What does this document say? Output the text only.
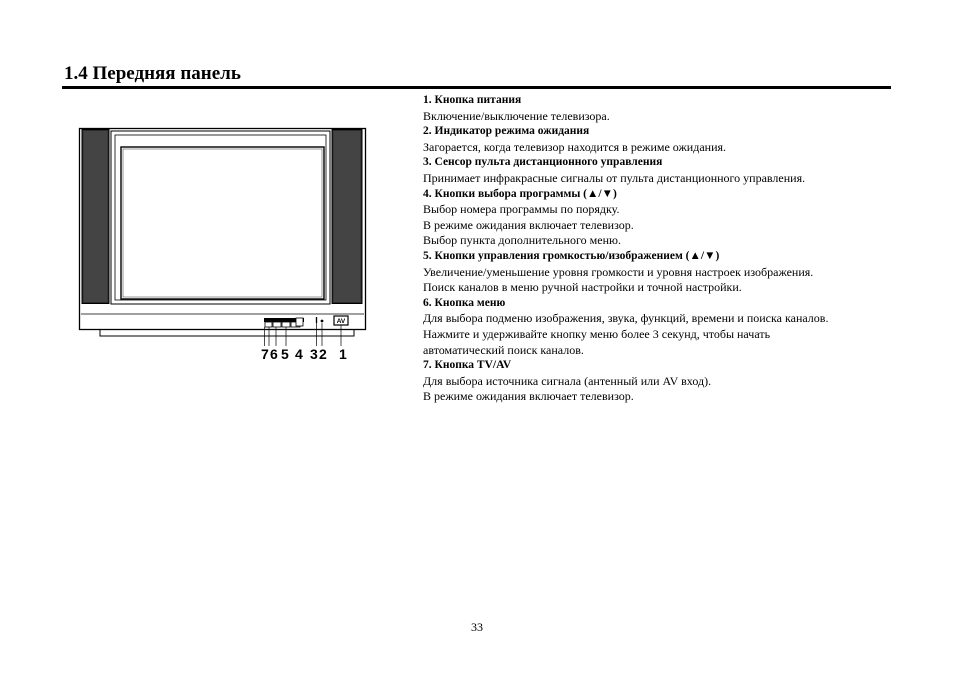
1.4 Передняя панель
AV
7 6 5 4 3 2 1
1. Кнопка питания
Включение/выключение телевизора.
2. Индикатор режима ожидания
Загорается, когда телевизор находится в режиме ожидания.
3. Сенсор пульта дистанционного управления
Принимает инфракрасные сигналы от пульта дистанционного управления.
4. Кнопки выбора программы (▲/▼)
Выбор номера программы по порядку.
В режиме ожидания включает телевизор.
Выбор пункта дополнительного меню.
5. Кнопки управления громкостью/изображением (▲/▼)
Увеличение/уменьшение уровня громкости и уровня настроек изображения.
Поиск каналов в меню ручной настройки и точной настройки.
6. Кнопка меню
Для выбора подменю изображения, звука, функций, времени и поиска каналов.
Нажмите и удерживайте кнопку меню более 3 секунд, чтобы начать
автоматический поиск каналов.
7. Кнопка TV/AV
Для выбора источника сигнала (антенный или AV вход).
В режиме ожидания включает телевизор.
33
